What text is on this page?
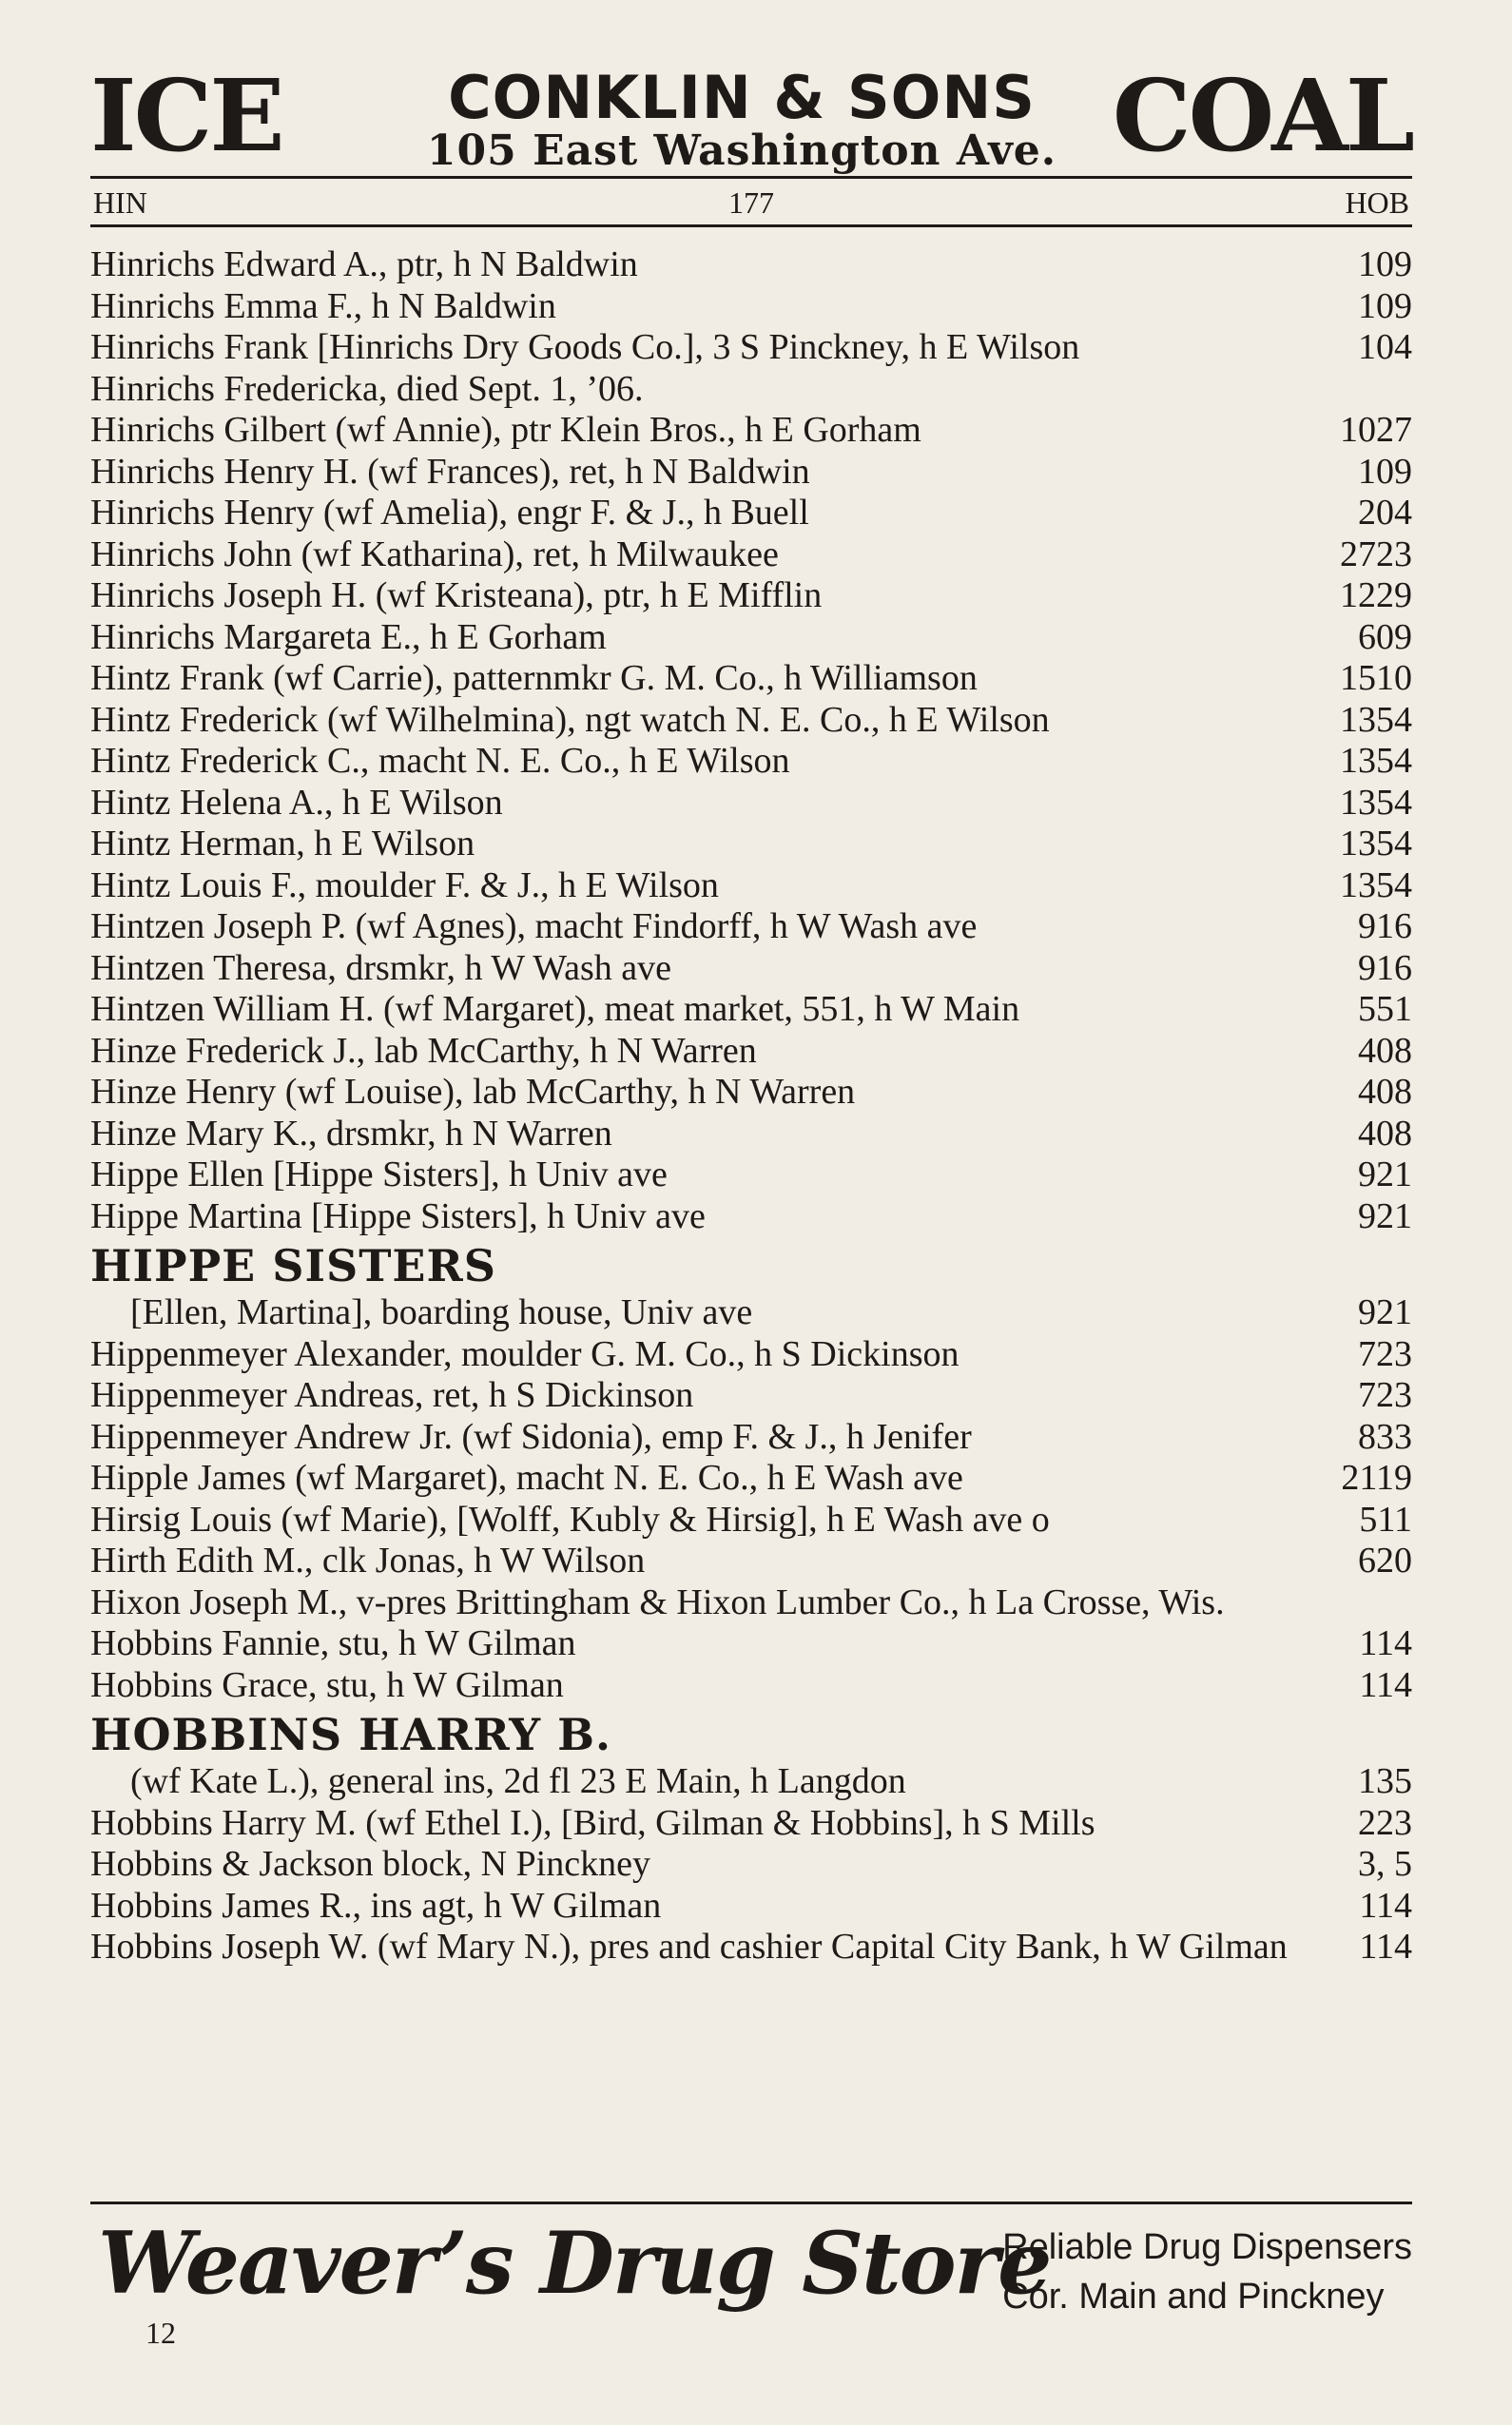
ICE	CONKLIN & SONS
105 East Washington Ave. COAL
HIN	177	HOB
Hinrichs Edward A., ptr, h N Baldwin	109
Hinrichs Emma F., h N Baldwin	109
Hinrichs Frank [Hinrichs Dry Goods Co.], 3 S Pinckney, h E Wilson	104
Hinrichs Fredericka, died Sept. 1, ’06.
Hinrichs Gilbert (wf Annie), ptr Klein Bros., h E Gorham	1027
Hinrichs Henry H. (wf Frances), ret, h N Baldwin	109
Hinrichs Henry (wf Amelia), engr F. & J., h Buell	204
Hinrichs John (wf Katharina), ret, h Milwaukee	2723
Hinrichs Joseph H. (wf Kristeana), ptr, h E Mifflin	1229
Hinrichs Margareta E., h E Gorham	609
Hintz Frank (wf Carrie), patternmkr G. M. Co., h Williamson	1510
Hintz Frederick (wf Wilhelmina), ngt watch N. E. Co., h E Wilson	1354
Hintz Frederick C., macht N. E. Co., h E Wilson	1354
Hintz Helena A., h E Wilson	1354
Hintz Herman, h E Wilson	1354
Hintz Louis F., moulder F. & J., h E Wilson	1354
Hintzen Joseph P. (wf Agnes), macht Findorff, h W Wash ave	916
Hintzen Theresa, drsmkr, h W Wash ave	916
Hintzen William H. (wf Margaret), meat market, 551, h W Main	551
Hinze Frederick J., lab McCarthy, h N Warren	408
Hinze Henry (wf Louise), lab McCarthy, h N Warren	408
Hinze Mary K., drsmkr, h N Warren	408
Hippe Ellen [Hippe Sisters], h Univ ave	921
Hippe Martina [Hippe Sisters], h Univ ave	921
HIPPE SISTERS
[Ellen, Martina], boarding house, Univ ave	921
Hippenmeyer Alexander, moulder G. M. Co., h S Dickinson	723
Hippenmeyer Andreas, ret, h S Dickinson	723
Hippenmeyer Andrew Jr. (wf Sidonia), emp F. & J., h Jenifer	833
Hipple James (wf Margaret), macht N. E. Co., h E Wash ave	2119
Hirsig Louis (wf Marie), [Wolff, Kubly & Hirsig], h E Wash ave o	511
Hirth Edith M., clk Jonas, h W Wilson	620
Hixon Joseph M., v-pres Brittingham & Hixon Lumber Co., h La Crosse, Wis.
Hobbins Fannie, stu, h W Gilman	114
Hobbins Grace, stu, h W Gilman	114
HOBBINS HARRY B.
(wf Kate L.), general ins, 2d fl 23 E Main, h Langdon	135
Hobbins Harry M. (wf Ethel I.), [Bird, Gilman & Hobbins], h S Mills	223
Hobbins & Jackson block, N Pinckney	3, 5
Hobbins James R., ins agt, h W Gilman	114
Hobbins Joseph W. (wf Mary N.), pres and cashier Capital City Bank, h W Gilman	114
Weaver’s Drug Store
Reliable Drug Dispensers
Cor. Main and Pinckney
12
